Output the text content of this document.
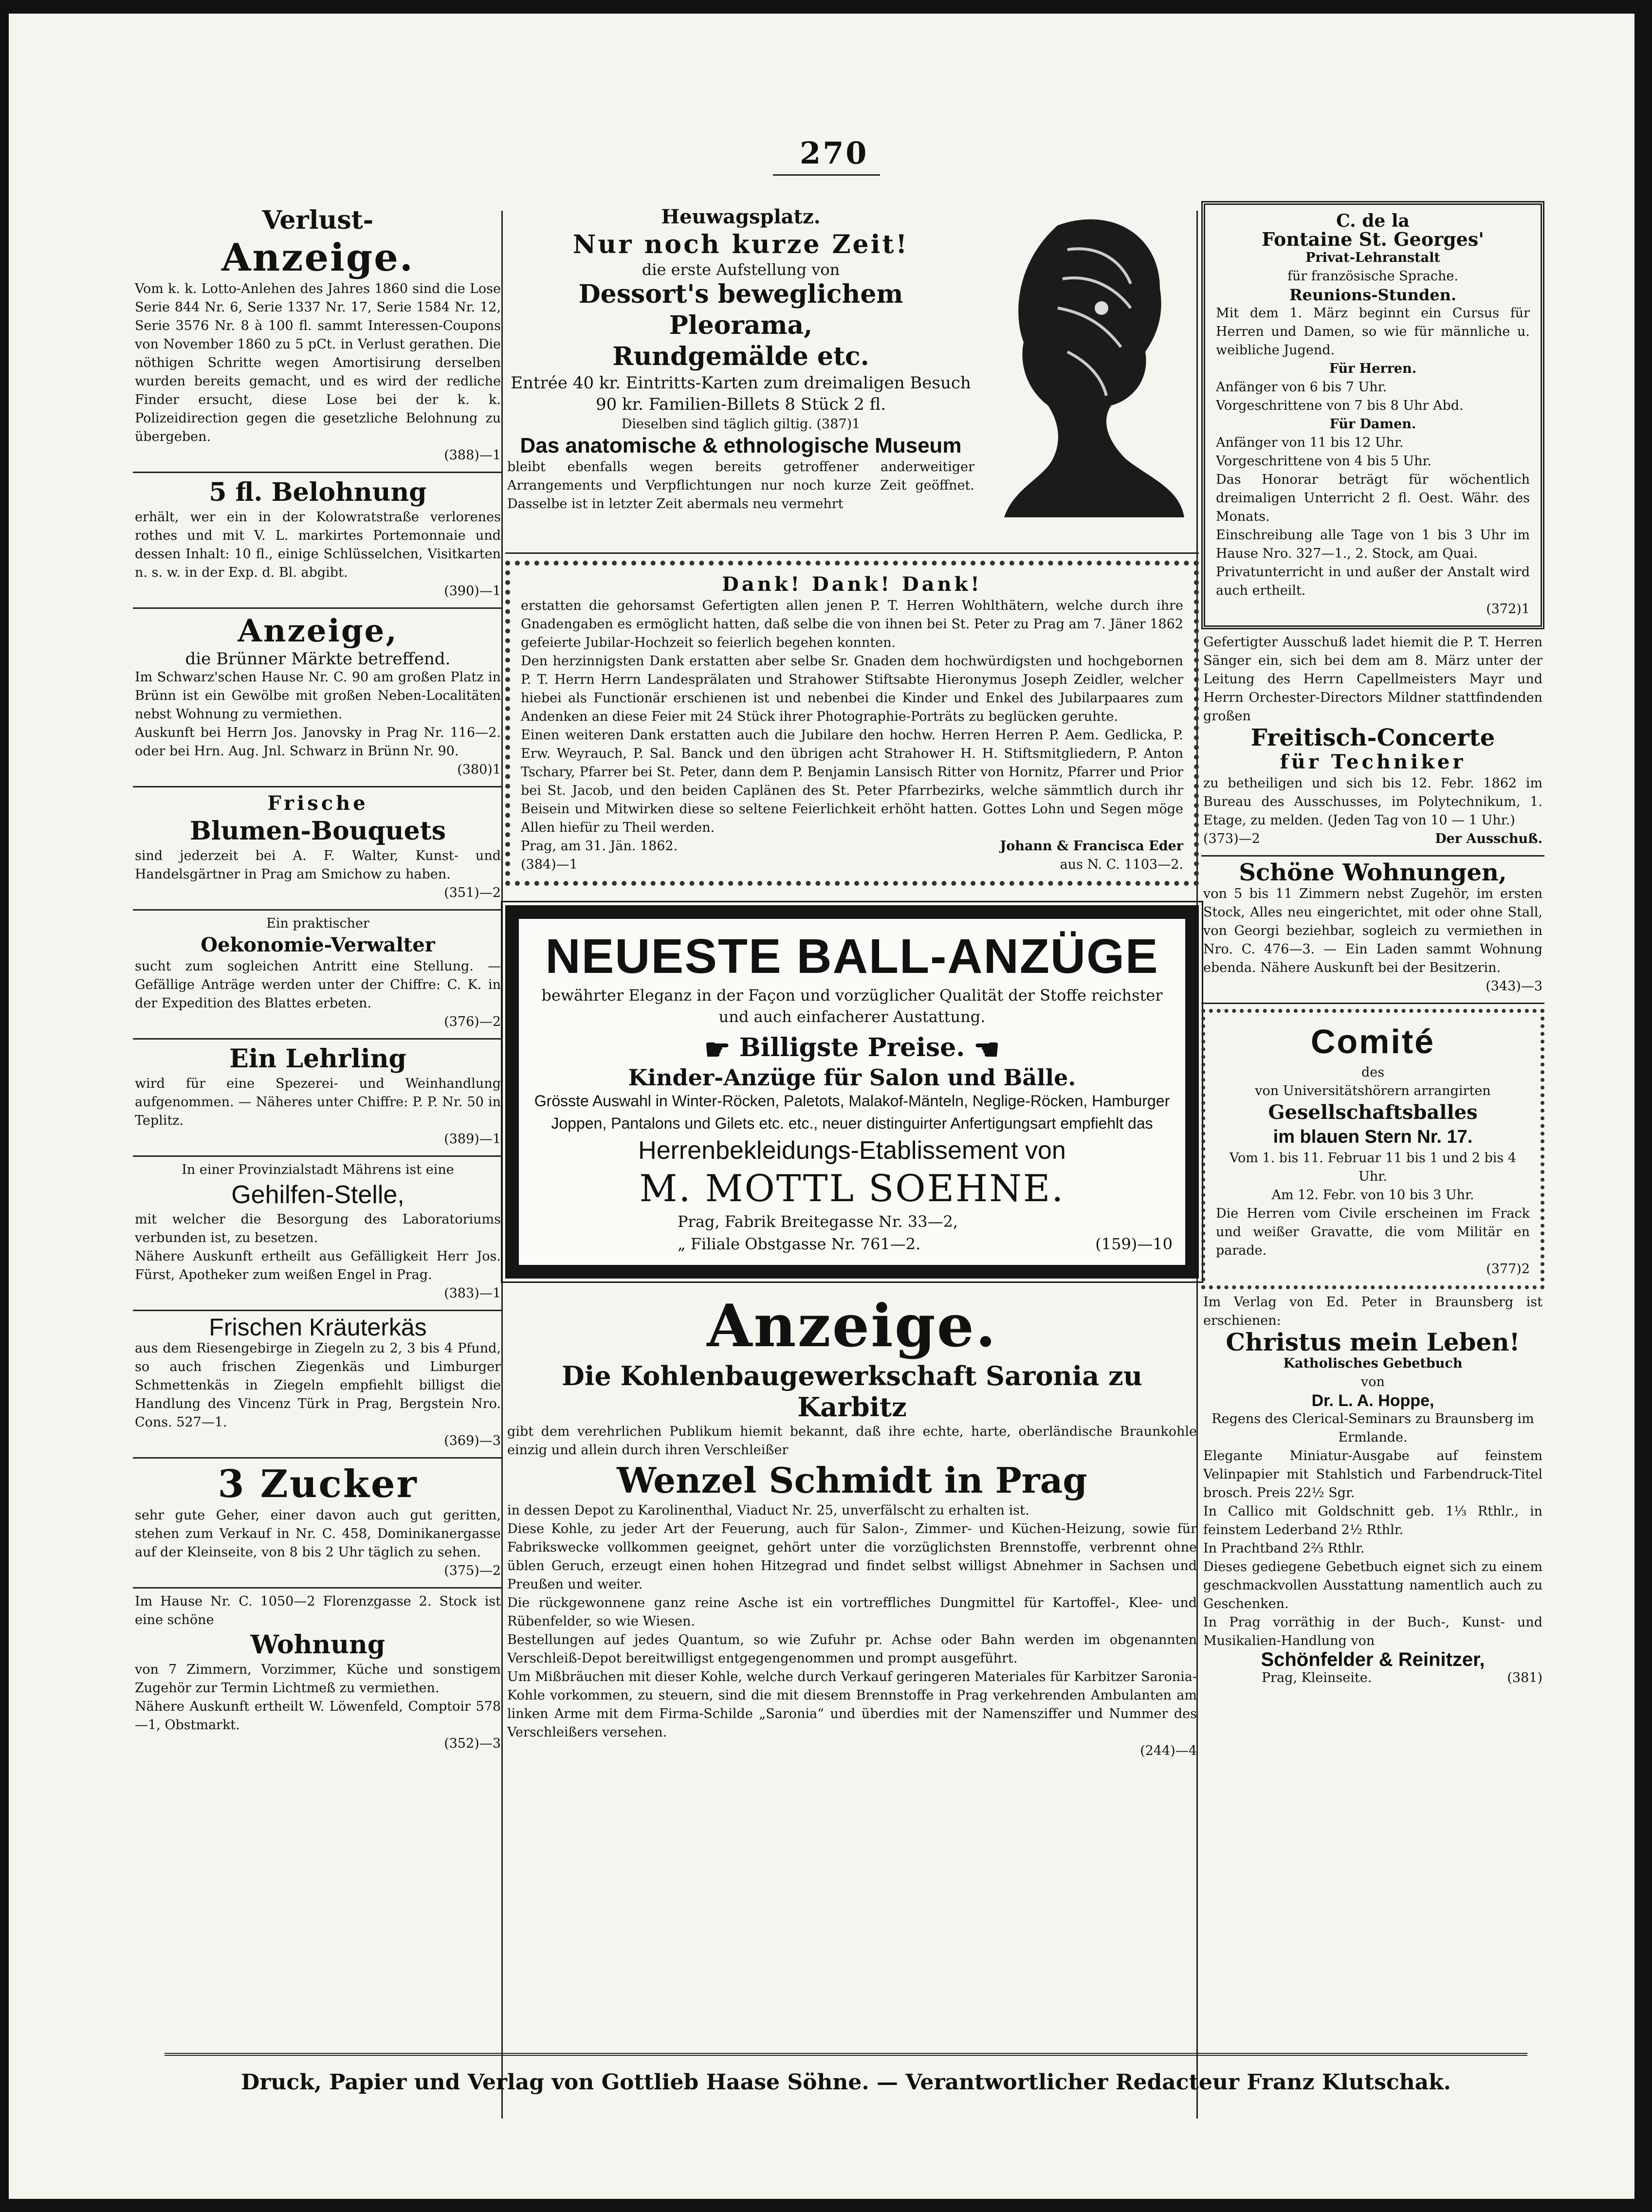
270
Verlust-
Anzeige.
Vom k. k. Lotto-Anlehen des Jahres 1860 sind die Lose Serie 844 Nr. 6, Serie 1337 Nr. 17, Serie 1584 Nr. 12, Serie 3576 Nr. 8 à 100 fl. sammt Interessen-Coupons von November 1860 zu 5 pCt. in Verlust gerathen. Die nöthigen Schritte wegen Amortisirung derselben wurden bereits gemacht, und es wird der redliche Finder ersucht, diese Lose bei der k. k. Polizeidirection gegen die gesetzliche Belohnung zu übergeben.
(388)—1
5 fl. Belohnung
erhält, wer ein in der Kolowratstraße verlorenes rothes und mit V. L. markirtes Portemonnaie und dessen Inhalt: 10 fl., einige Schlüsselchen, Visitkarten n. s. w. in der Exp. d. Bl. abgibt.
(390)—1
Anzeige,
die Brünner Märkte betreffend.
Im Schwarz'schen Hause Nr. C. 90 am großen Platz in Brünn ist ein Gewölbe mit großen Neben-Localitäten nebst Wohnung zu vermiethen.
Auskunft bei Herrn Jos. Janovsky in Prag Nr. 116—2. oder bei Hrn. Aug. Jnl. Schwarz in Brünn Nr. 90.
(380)1
Frische
Blumen-Bouquets
sind jederzeit bei A. F. Walter, Kunst- und Handelsgärtner in Prag am Smichow zu haben.
(351)—2
Ein praktischer
Oekonomie-Verwalter
sucht zum sogleichen Antritt eine Stellung. — Gefällige Anträge werden unter der Chiffre: C. K. in der Expedition des Blattes erbeten.
(376)—2
Ein Lehrling
wird für eine Spezerei- und Weinhandlung aufgenommen. — Näheres unter Chiffre: P. P. Nr. 50 in Teplitz.
(389)—1
In einer Provinzialstadt Mährens ist eine
Gehilfen-Stelle,
mit welcher die Besorgung des Laboratoriums verbunden ist, zu besetzen.
Nähere Auskunft ertheilt aus Gefälligkeit Herr Jos. Fürst, Apotheker zum weißen Engel in Prag.
(383)—1
Frischen Kräuterkäs
aus dem Riesengebirge in Ziegeln zu 2, 3 bis 4 Pfund, so auch frischen Ziegenkäs und Limburger Schmettenkäs in Ziegeln empfiehlt billigst die Handlung des Vincenz Türk in Prag, Bergstein Nro. Cons. 527—1.
(369)—3
3 Zucker
sehr gute Geher, einer davon auch gut geritten, stehen zum Verkauf in Nr. C. 458, Dominikanergasse auf der Kleinseite, von 8 bis 2 Uhr täglich zu sehen.
(375)—2
Im Hause Nr. C. 1050—2 Florenzgasse 2. Stock ist eine schöne
Wohnung
von 7 Zimmern, Vorzimmer, Küche und sonstigem Zugehör zur Termin Lichtmeß zu vermiethen.
Nähere Auskunft ertheilt W. Löwenfeld, Comptoir 578—1, Obstmarkt.
(352)—3
Heuwagsplatz.
Nur noch kurze Zeit!
die erste Aufstellung von
Dessort's beweglichem Pleorama,
Rundgemälde etc.
Entrée 40 kr. Eintritts-Karten zum dreimaligen Besuch 90 kr. Familien-Billets 8 Stück 2 fl.
Dieselben sind täglich giltig. (387)1
Das anatomische & ethnologische Museum
bleibt ebenfalls wegen bereits getroffener anderweitiger Arrangements und Verpflichtungen nur noch kurze Zeit geöffnet. Dasselbe ist in letzter Zeit abermals neu vermehrt
Dank! Dank! Dank!
erstatten die gehorsamst Gefertigten allen jenen P. T. Herren Wohlthätern, welche durch ihre Gnadengaben es ermöglicht hatten, daß selbe die von ihnen bei St. Peter zu Prag am 7. Jäner 1862 gefeierte Jubilar-Hochzeit so feierlich begehen konnten.
Den herzinnigsten Dank erstatten aber selbe Sr. Gnaden dem hochwürdigsten und hochgebornen P. T. Herrn Herrn Landesprälaten und Strahower Stiftsabte Hieronymus Joseph Zeidler, welcher hiebei als Functionär erschienen ist und nebenbei die Kinder und Enkel des Jubilarpaares zum Andenken an diese Feier mit 24 Stück ihrer Photographie-Porträts zu beglücken geruhte.
Einen weiteren Dank erstatten auch die Jubilare den hochw. Herren Herren P. Aem. Gedlicka, P. Erw. Weyrauch, P. Sal. Banck und den übrigen acht Strahower H. H. Stiftsmitgliedern, P. Anton Tschary, Pfarrer bei St. Peter, dann dem P. Benjamin Lansisch Ritter von Hornitz, Pfarrer und Prior bei St. Jacob, und den beiden Caplänen des St. Peter Pfarrbezirks, welche sämmtlich durch ihr Beisein und Mitwirken diese so seltene Feierlichkeit erhöht hatten. Gottes Lohn und Segen möge Allen hiefür zu Theil werden.
Prag, am 31. Jän. 1862.	Johann & Francisca Eder
(384)—1	aus N. C. 1103—2.
NEUESTE BALL-ANZÜGE
bewährter Eleganz in der Façon und vorzüglicher Qualität der Stoffe reichster und auch einfacherer Austattung.
☛ Billigste Preise. ☚
Kinder-Anzüge für Salon und Bälle.
Grösste Auswahl in Winter-Röcken, Paletots, Malakof-Mänteln, Neglige-Röcken, Hamburger Joppen, Pantalons und Gilets etc. etc., neuer distinguirter Anfertigungsart empfiehlt das
Herrenbekleidungs-Etablissement von
M. MOTTL SOEHNE.
Prag, Fabrik Breitegasse Nr. 33—2,
„ Filiale Obstgasse Nr. 761—2.	(159)—10
Anzeige.
Die Kohlenbaugewerkschaft Saronia zu Karbitz
gibt dem verehrlichen Publikum hiemit bekannt, daß ihre echte, harte, oberländische Braunkohle einzig und allein durch ihren Verschleißer
Wenzel Schmidt in Prag
in dessen Depot zu Karolinenthal, Viaduct Nr. 25, unverfälscht zu erhalten ist.
Diese Kohle, zu jeder Art der Feuerung, auch für Salon-, Zimmer- und Küchen-Heizung, sowie für Fabrikswecke vollkommen geeignet, gehört unter die vorzüglichsten Brennstoffe, verbrennt ohne üblen Geruch, erzeugt einen hohen Hitzegrad und findet selbst willigst Abnehmer in Sachsen und Preußen und weiter.
Die rückgewonnene ganz reine Asche ist ein vortreffliches Dungmittel für Kartoffel-, Klee- und Rübenfelder, so wie Wiesen.
Bestellungen auf jedes Quantum, so wie Zufuhr pr. Achse oder Bahn werden im obgenannten Verschleiß-Depot bereitwilligst entgegengenommen und prompt ausgeführt.
Um Mißbräuchen mit dieser Kohle, welche durch Verkauf geringeren Materiales für Karbitzer Saronia-Kohle vorkommen, zu steuern, sind die mit diesem Brennstoffe in Prag verkehrenden Ambulanten am linken Arme mit dem Firma-Schilde „Saronia“ und überdies mit der Namensziffer und Nummer des Verschleißers versehen.
(244)—4
C. de la
Fontaine St. Georges'
Privat-Lehranstalt
für französische Sprache.
Reunions-Stunden.
Mit dem 1. März beginnt ein Cursus für Herren und Damen, so wie für männliche u. weibliche Jugend.
Für Herren.
Anfänger von 6 bis 7 Uhr.
Vorgeschrittene von 7 bis 8 Uhr Abd.
Für Damen.
Anfänger von 11 bis 12 Uhr.
Vorgeschrittene von 4 bis 5 Uhr.
Das Honorar beträgt für wöchentlich dreimaligen Unterricht 2 fl. Oest. Währ. des Monats.
Einschreibung alle Tage von 1 bis 3 Uhr im Hause Nro. 327—1., 2. Stock, am Quai.
Privatunterricht in und außer der Anstalt wird auch ertheilt.
(372)1
Gefertigter Ausschuß ladet hiemit die P. T. Herren Sänger ein, sich bei dem am 8. März unter der Leitung des Herrn Capellmeisters Mayr und Herrn Orchester-Directors Mildner stattfindenden großen
Freitisch-Concerte
für Techniker
zu betheiligen und sich bis 12. Febr. 1862 im Bureau des Ausschusses, im Polytechnikum, 1. Etage, zu melden. (Jeden Tag von 10 — 1 Uhr.)
(373)—2	Der Ausschuß.
Schöne Wohnungen,
von 5 bis 11 Zimmern nebst Zugehör, im ersten Stock, Alles neu eingerichtet, mit oder ohne Stall, von Georgi beziehbar, sogleich zu vermiethen in Nro. C. 476—3. — Ein Laden sammt Wohnung ebenda. Nähere Auskunft bei der Besitzerin.
(343)—3
Comité
des
von Universitätshörern arrangirten
Gesellschaftsballes
im blauen Stern Nr. 17.
Vom 1. bis 11. Februar 11 bis 1 und 2 bis 4 Uhr.
Am 12. Febr. von 10 bis 3 Uhr.
Die Herren vom Civile erscheinen im Frack und weißer Gravatte, die vom Militär en parade.
(377)2
Im Verlag von Ed. Peter in Braunsberg ist erschienen:
Christus mein Leben!
Katholisches Gebetbuch
von
Dr. L. A. Hoppe,
Regens des Clerical-Seminars zu Braunsberg im Ermlande.
Elegante Miniatur-Ausgabe auf feinstem Velinpapier mit Stahlstich und Farbendruck-Titel brosch. Preis 22½ Sgr.
In Callico mit Goldschnitt geb. 1⅓ Rthlr., in feinstem Lederband 2½ Rthlr.
In Prachtband 2⅔ Rthlr.
Dieses gediegene Gebetbuch eignet sich zu einem geschmackvollen Ausstattung namentlich auch zu Geschenken.
In Prag vorräthig in der Buch-, Kunst- und Musikalien-Handlung von
Schönfelder & Reinitzer,
Prag, Kleinseite.	(381)
Druck, Papier und Verlag von Gottlieb Haase Söhne. — Verantwortlicher Redacteur Franz Klutschak.
